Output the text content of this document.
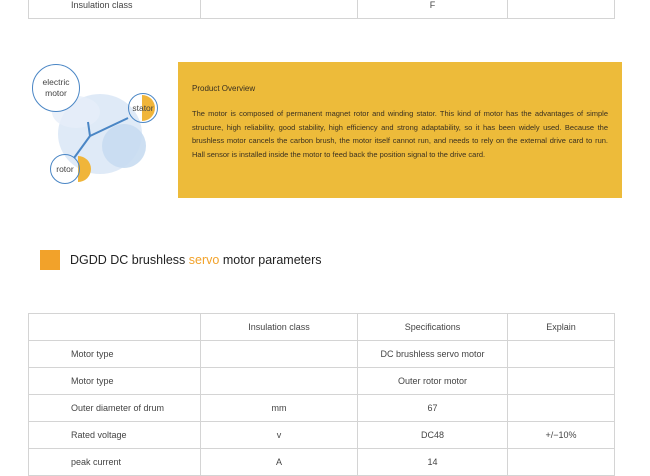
Insulation class		F	
electric motor
stator
rotor
Product Overview
The motor is composed of permanent magnet rotor and winding stator. This kind of motor has the advantages of simple structure, high reliability, good stability, high efficiency and strong adaptability, so it has been widely used. Because the brushless motor cancels the carbon brush, the motor itself cannot run, and needs to rely on the external drive card to run. Hall sensor is installed inside the motor to feed back the position signal to the drive card.
DGDD DC brushless servo motor parameters
	Insulation class	Specifications	Explain
Motor type		DC brushless servo motor	
Motor type		Outer rotor motor	
Outer diameter of drum	mm	67	
Rated voltage	v	DC48	+/−10%
peak current	A	14	
